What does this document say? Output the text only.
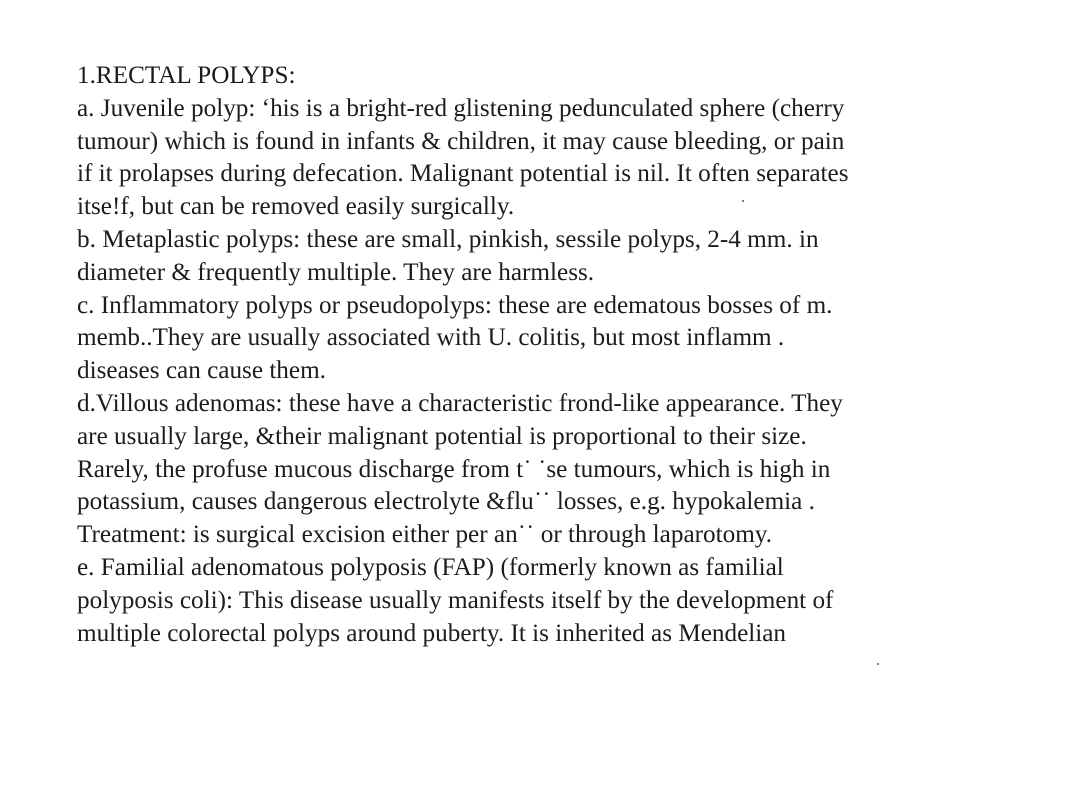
1.RECTAL POLYPS:
a. Juvenile polyp: ‘his is a bright-red glistening pedunculated sphere (cherry
tumour) which is found in infants & children, it may cause bleeding, or pain
if it prolapses during defecation. Malignant potential is nil. It often separates
itse!f, but can be removed easily surgically.
b. Metaplastic polyps: these are small, pinkish, sessile polyps, 2-4 mm. in
diameter & frequently multiple. They are harmless.
c. Inflammatory polyps or pseudopolyps: these are edematous bosses of m.
memb..They are usually associated with U. colitis, but most inflamm .
diseases can cause them.
d.Villous adenomas: these have a characteristic frond-like appearance. They
are usually large, &their malignant potential is proportional to their size.
Rarely, the profuse mucous discharge from t˙ ˙se tumours, which is high in
potassium, causes dangerous electrolyte &flu˙˙ losses, e.g. hypokalemia .
Treatment: is surgical excision either per an˙˙ or through laparotomy.
e. Familial adenomatous polyposis (FAP) (formerly known as familial
polyposis coli): This disease usually manifests itself by the development of
multiple colorectal polyps around puberty. It is inherited as Mendelian
